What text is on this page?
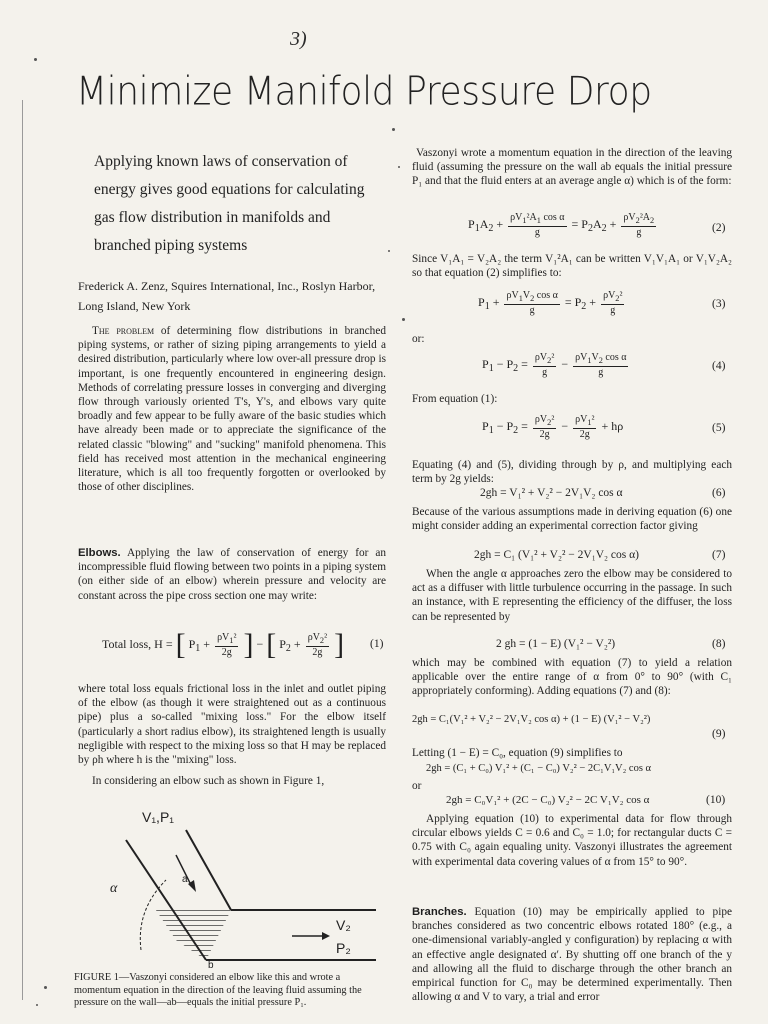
3)
Minimize Manifold Pressure Drop
Applying known laws of conservation of energy gives good equations for calculating gas flow distribution in manifolds and branched piping systems
Frederick A. Zenz, Squires International, Inc., Roslyn Harbor, Long Island, New York

The problem of determining flow distributions in branched piping systems, or rather of sizing piping arrangements to yield a desired distribution, particularly where low over-all pressure drop is important, is one frequently encountered in engineering design. Methods of correlating pressure losses in converging and diverging flow through variously oriented T's, Y's, and elbows vary quite broadly and few appear to be fully aware of the basic studies which have already been made or to appreciate the significance of the related classic "blowing" and "sucking" manifold phenomena. This field has received most attention in the mechanical engineering literature, which is all too frequently forgotten or overlooked by those of other disciplines.

Elbows. Applying the law of conservation of energy for an incompressible fluid flowing between two points in a piping system (on either side of an elbow) wherein pressure and velocity are constant across the pipe cross section one may write:

Total loss, H = [ $P_1 + \frac{\rho V_1^2}{2g}$ ] − [ $P_2 + \frac{\rho V_2^2}{2g}$ ] (1)

where total loss equals frictional loss in the inlet and outlet piping of the elbow (as though it were straightened out as a continuous pipe) plus a so-called "mixing loss." For the elbow itself (particularly a short radius elbow), its straightened length is usually negligible with respect to the mixing loss so that H may be replaced by ρh where h is the "mixing" loss.

In considering an elbow such as shown in Figure 1,

V₁,P₁
α
a
b
V₂
P₂
FIGURE 1—Vaszonyi considered an elbow like this and wrote a momentum equation in the direction of the leaving fluid assuming the pressure on the wall—ab—equals the initial pressure P₁.

Vaszonyi wrote a momentum equation in the direction of the leaving fluid (assuming the pressure on the wall ab equals the initial pressure P₁ and that the fluid enters at an average angle α) which is of the form:

$P_1A_2 + \frac{\rho V_1^2A_1 \cos \alpha}{g} = P_2A_2 + \frac{\rho V_2^2A_2}{g}$	(2)

Since V₁A₁ = V₂A₂ the term V₁²A₁ can be written V₁V₁A₁ or V₁V₂A₂ so that equation (2) simplifies to:

$P_1 + \frac{\rho V_1V_2 \cos \alpha}{g} = P_2 + \frac{\rho V_2^2}{g}$	(3)
or:
$P_1 - P_2 = \frac{\rho V_2^2}{g} - \frac{\rho V_1V_2 \cos \alpha}{g}$	(4)
From equation (1):
$P_1 - P_2 = \frac{\rho V_2^2}{2g} - \frac{\rho V_1^2}{2g} + h\rho$	(5)

Equating (4) and (5), dividing through by ρ, and multiplying each term by 2g yields:

2gh = V₁² + V₂² − 2V₁V₂ cos α	(6)

Because of the various assumptions made in deriving equation (6) one might consider adding an experimental correction factor giving

2gh = C₁ (V₁² + V₂² − 2V₁V₂ cos α)	(7)

When the angle α approaches zero the elbow may be considered to act as a diffuser with little turbulence occurring in the passage. In such an instance, with E representing the efficiency of the diffuser, the loss can be represented by

2 gh = (1 − E) (V₁² − V₂²)	(8)

which may be combined with equation (7) to yield a relation applicable over the entire range of α from 0° to 90° (with C₁ appropriately conforming). Adding equations (7) and (8):

2gh = C₁(V₁² + V₂² − 2V₁V₂ cos α) + (1 − E) (V₁² − V₂²)
(9)

Letting (1 − E) = C₀, equation (9) simplifies to

2gh = (C₁ + C₀) V₁² + (C₁ − C₀) V₂² − 2C₁V₁V₂ cos α
or
2gh = C₀V₁² + (2C − C₀) V₂² − 2C V₁V₂ cos α	(10)

Applying equation (10) to experimental data for flow through circular elbows yields C = 0.6 and C₀ = 1.0; for rectangular ducts C = 0.75 with C₀ again equaling unity. Vaszonyi illustrates the agreement with experimental data covering values of α from 15° to 90°.

Branches. Equation (10) may be empirically applied to pipe branches considered as two concentric elbows rotated 180° (e.g., a one-dimensional variably-angled y configuration) by replacing α with an effective angle designated α′. By shutting off one branch of the y and allowing all the fluid to discharge through the other branch an empirical function for C₀ may be determined experimentally. Then allowing α and V to vary, a trial and error
